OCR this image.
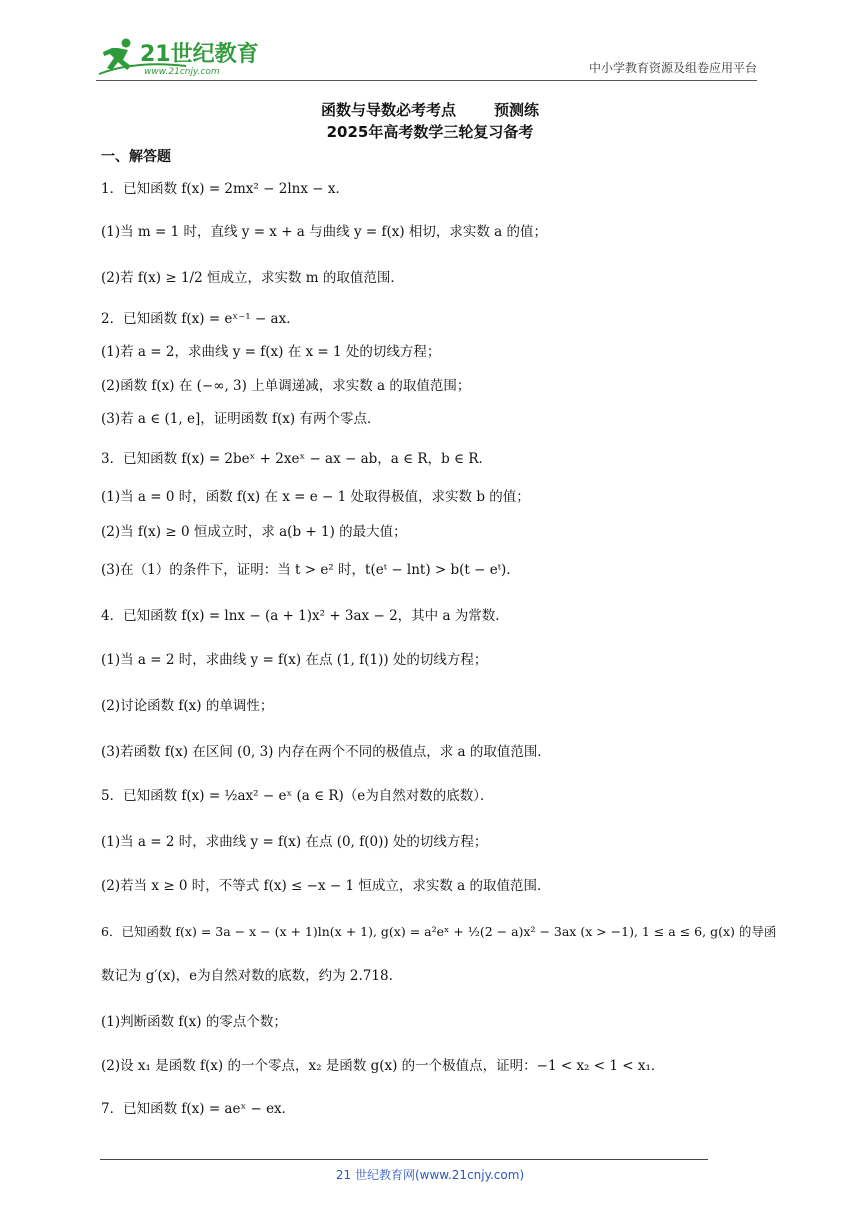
21世纪教育
www.21cnjy.com	中小学教育资源及组卷应用平台
函数与导数必考考点	预测练
2025年高考数学三轮复习备考
一、解答题
1．已知函数 f(x) = 2mx² − 2lnx − x．
(1)当 m = 1 时，直线 y = x + a 与曲线 y = f(x) 相切，求实数 a 的值；
(2)若 f(x) ≥ 1/2 恒成立，求实数 m 的取值范围．
2．已知函数 f(x) = eˣ⁻¹ − ax．
(1)若 a = 2，求曲线 y = f(x) 在 x = 1 处的切线方程；
(2)函数 f(x) 在 (−∞, 3) 上单调递减，求实数 a 的取值范围；
(3)若 a ∈ (1, e]，证明函数 f(x) 有两个零点．
3．已知函数 f(x) = 2beˣ + 2xeˣ − ax − ab，a ∈ R，b ∈ R．
(1)当 a = 0 时，函数 f(x) 在 x = e − 1 处取得极值，求实数 b 的值；
(2)当 f(x) ≥ 0 恒成立时，求 a(b + 1) 的最大值；
(3)在（1）的条件下，证明：当 t > e² 时，t(eᵗ − lnt) > b(t − eᵗ)．
4．已知函数 f(x) = lnx − (a + 1)x² + 3ax − 2，其中 a 为常数．
(1)当 a = 2 时，求曲线 y = f(x) 在点 (1, f(1)) 处的切线方程；
(2)讨论函数 f(x) 的单调性；
(3)若函数 f(x) 在区间 (0, 3) 内存在两个不同的极值点，求 a 的取值范围．
5．已知函数 f(x) = ½ax² − eˣ (a ∈ R)（e为自然对数的底数）．
(1)当 a = 2 时，求曲线 y = f(x) 在点 (0, f(0)) 处的切线方程；
(2)若当 x ≥ 0 时，不等式 f(x) ≤ −x − 1 恒成立，求实数 a 的取值范围．
6．已知函数 f(x) = 3a − x − (x + 1)ln(x + 1), g(x) = a²eˣ + ½(2 − a)x² − 3ax (x > −1), 1 ≤ a ≤ 6, g(x) 的导函
数记为 g′(x)，e为自然对数的底数，约为 2.718.
(1)判断函数 f(x) 的零点个数；
(2)设 x₁ 是函数 f(x) 的一个零点，x₂ 是函数 g(x) 的一个极值点，证明：−1 < x₂ < 1 < x₁．
7．已知函数 f(x) = aeˣ − ex．
21 世纪教育网(www.21cnjy.com)
